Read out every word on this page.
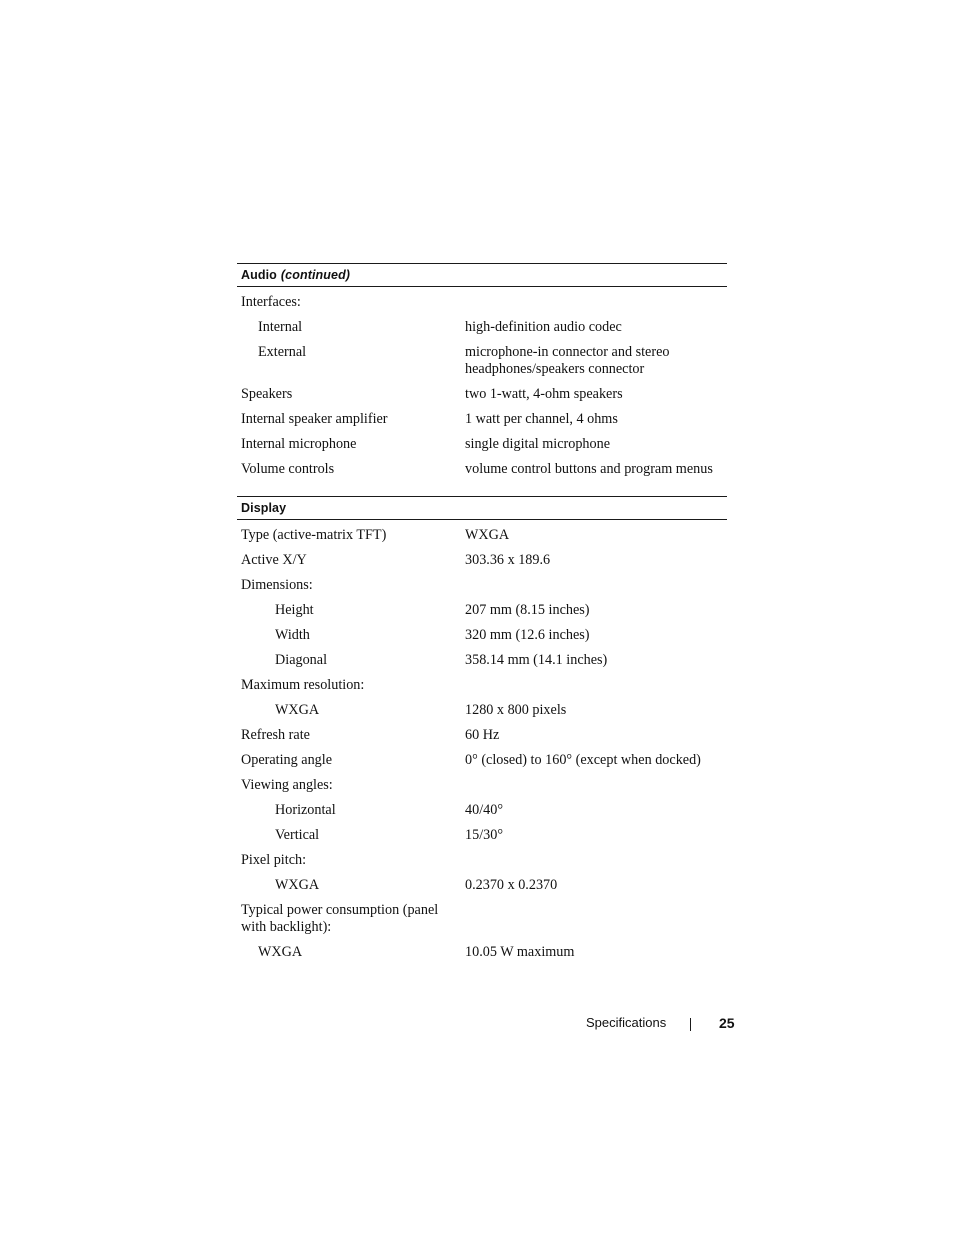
Audio (continued)
Interfaces:
Internal	high-definition audio codec
External	microphone-in connector and stereo headphones/speakers connector
Speakers	two 1-watt, 4-ohm speakers
Internal speaker amplifier	1 watt per channel, 4 ohms
Internal microphone	single digital microphone
Volume controls	volume control buttons and program menus
Display
Type (active-matrix TFT)	WXGA
Active X/Y	303.36 x 189.6
Dimensions:
Height	207 mm (8.15 inches)
Width	320 mm (12.6 inches)
Diagonal	358.14 mm (14.1 inches)
Maximum resolution:
WXGA	1280 x 800 pixels
Refresh rate	60 Hz
Operating angle	0° (closed) to 160° (except when docked)
Viewing angles:
Horizontal	40/40°
Vertical	15/30°
Pixel pitch:
WXGA	0.2370 x 0.2370
Typical power consumption (panel with backlight):
WXGA	10.05 W maximum
Specifications	25
